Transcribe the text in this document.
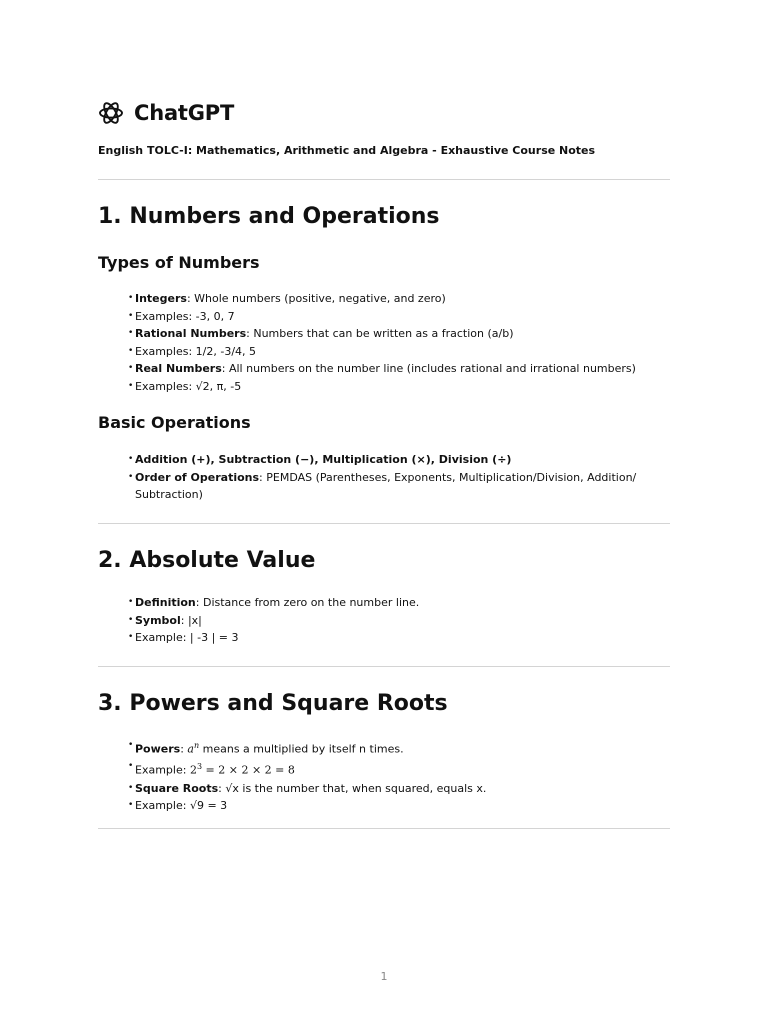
ChatGPT
English TOLC-I: Mathematics, Arithmetic and Algebra - Exhaustive Course Notes
1. Numbers and Operations
Types of Numbers
• Integers: Whole numbers (positive, negative, and zero)
• Examples: -3, 0, 7
• Rational Numbers: Numbers that can be written as a fraction (a/b)
• Examples: 1/2, -3/4, 5
• Real Numbers: All numbers on the number line (includes rational and irrational numbers)
• Examples: √2, π, -5
Basic Operations
• Addition (+), Subtraction (−), Multiplication (×), Division (÷)
• Order of Operations: PEMDAS (Parentheses, Exponents, Multiplication/Division, Addition/ Subtraction)
2. Absolute Value
• Definition: Distance from zero on the number line.
• Symbol: |x|
• Example: | -3 | = 3
3. Powers and Square Roots
• Powers: $a^n$ means a multiplied by itself n times.
• Example: $2^3 = 2 \times 2 \times 2 = 8$
• Square Roots: √x is the number that, when squared, equals x.
• Example: √9 = 3
1
